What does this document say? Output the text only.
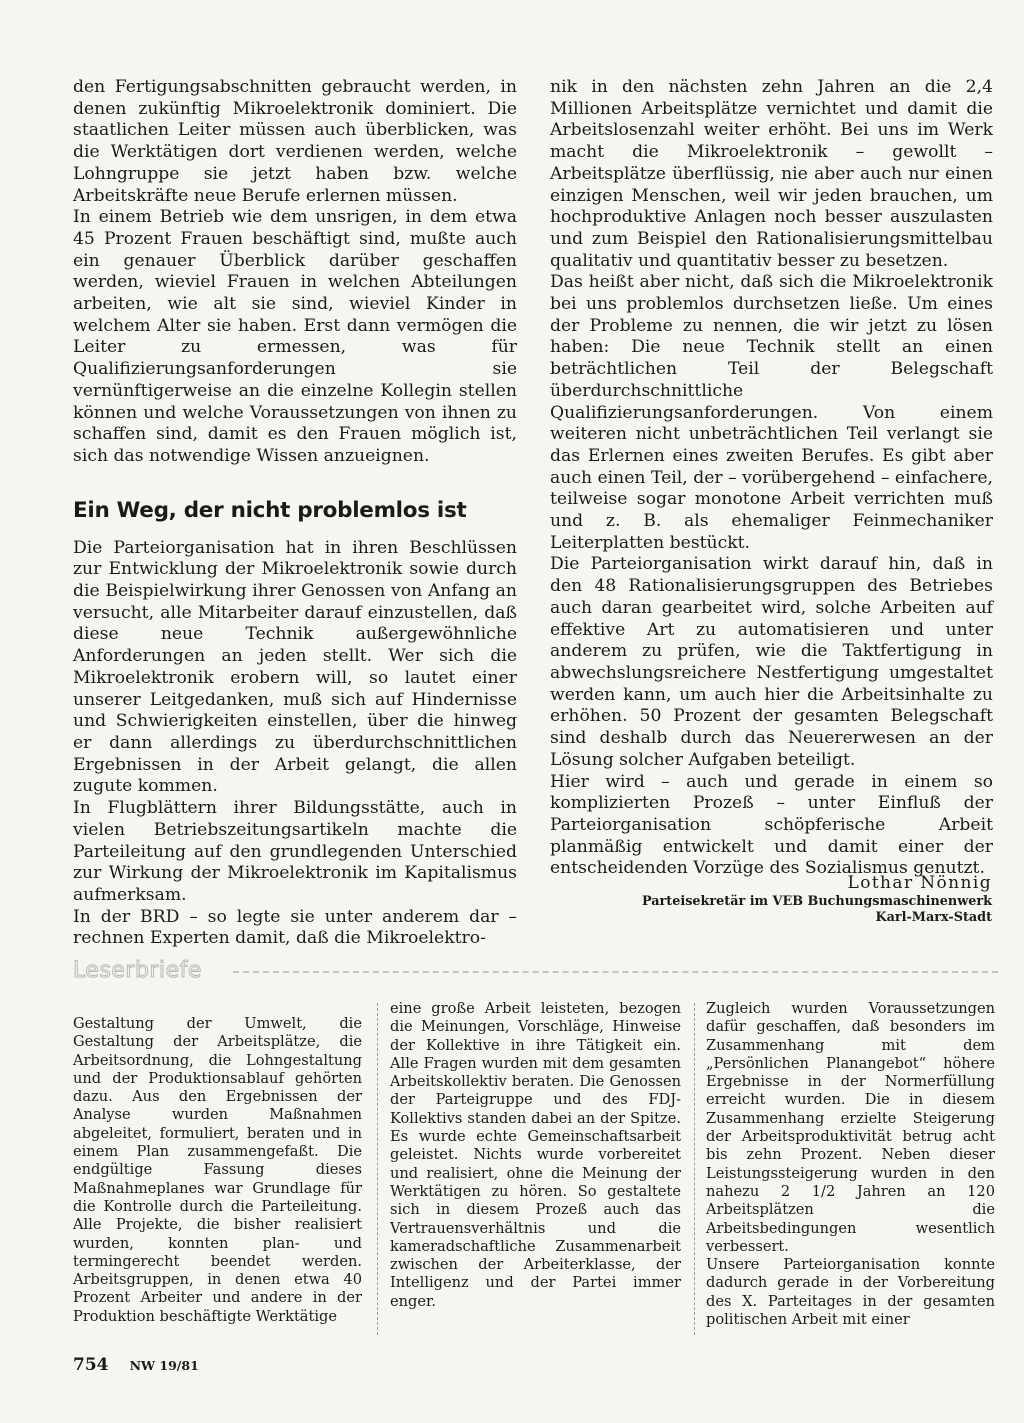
den Fertigungsabschnitten gebraucht werden, in denen zukünftig Mikroelektronik dominiert. Die staatlichen Leiter müssen auch überblicken, was die Werktätigen dort verdienen werden, welche Lohngruppe sie jetzt haben bzw. welche Arbeitskräfte neue Berufe erlernen müssen.

In einem Betrieb wie dem unsrigen, in dem etwa 45 Prozent Frauen beschäftigt sind, mußte auch ein genauer Überblick darüber geschaffen werden, wieviel Frauen in welchen Abteilungen arbeiten, wie alt sie sind, wieviel Kinder in welchem Alter sie haben. Erst dann vermögen die Leiter zu ermessen, was für Qualifizierungsanforderungen sie vernünftigerweise an die einzelne Kollegin stellen können und welche Voraussetzungen von ihnen zu schaffen sind, damit es den Frauen möglich ist, sich das notwendige Wissen anzueignen.

Ein Weg, der nicht problemlos ist

Die Parteiorganisation hat in ihren Beschlüssen zur Entwicklung der Mikroelektronik sowie durch die Beispielwirkung ihrer Genossen von Anfang an versucht, alle Mitarbeiter darauf einzustellen, daß diese neue Technik außergewöhnliche Anforderungen an jeden stellt. Wer sich die Mikroelektronik erobern will, so lautet einer unserer Leitgedanken, muß sich auf Hindernisse und Schwierigkeiten einstellen, über die hinweg er dann allerdings zu überdurchschnittlichen Ergebnissen in der Arbeit gelangt, die allen zugute kommen.

In Flugblättern ihrer Bildungsstätte, auch in vielen Betriebszeitungsartikeln machte die Parteileitung auf den grundlegenden Unterschied zur Wirkung der Mikroelektronik im Kapitalismus aufmerksam.

In der BRD – so legte sie unter anderem dar – rechnen Experten damit, daß die Mikroelektro-

nik in den nächsten zehn Jahren an die 2,4 Millionen Arbeitsplätze vernichtet und damit die Arbeitslosenzahl weiter erhöht. Bei uns im Werk macht die Mikroelektronik – gewollt – Arbeitsplätze überflüssig, nie aber auch nur einen einzigen Menschen, weil wir jeden brauchen, um hochproduktive Anlagen noch besser auszulasten und zum Beispiel den Rationalisierungsmittelbau qualitativ und quantitativ besser zu besetzen.

Das heißt aber nicht, daß sich die Mikroelektronik bei uns problemlos durchsetzen ließe. Um eines der Probleme zu nennen, die wir jetzt zu lösen haben: Die neue Technik stellt an einen beträchtlichen Teil der Belegschaft überdurchschnittliche Qualifizierungsanforderungen. Von einem weiteren nicht unbeträchtlichen Teil verlangt sie das Erlernen eines zweiten Berufes. Es gibt aber auch einen Teil, der – vorübergehend – einfachere, teilweise sogar monotone Arbeit verrichten muß und z. B. als ehemaliger Feinmechaniker Leiterplatten bestückt.

Die Parteiorganisation wirkt darauf hin, daß in den 48 Rationalisierungsgruppen des Betriebes auch daran gearbeitet wird, solche Arbeiten auf effektive Art zu automatisieren und unter anderem zu prüfen, wie die Taktfertigung in abwechslungsreichere Nestfertigung umgestaltet werden kann, um auch hier die Arbeitsinhalte zu erhöhen. 50 Prozent der gesamten Belegschaft sind deshalb durch das Neuererwesen an der Lösung solcher Aufgaben beteiligt.

Hier wird – auch und gerade in einem so komplizierten Prozeß – unter Einfluß der Parteiorganisation schöpferische Arbeit planmäßig entwickelt und damit einer der entscheidenden Vorzüge des Sozialismus genutzt.

Lothar Nönnig
Parteisekretär im VEB Buchungsmaschinenwerk
Karl-Marx-Stadt
Leserbriefe

Gestaltung der Umwelt, die Gestaltung der Arbeitsplätze, die Arbeitsordnung, die Lohngestaltung und der Produktionsablauf gehörten dazu. Aus den Ergebnissen der Analyse wurden Maßnahmen abgeleitet, formuliert, beraten und in einem Plan zusammengefaßt. Die endgültige Fassung dieses Maßnahmeplanes war Grundlage für die Kontrolle durch die Parteileitung. Alle Projekte, die bisher realisiert wurden, konnten plan- und termingerecht beendet werden. Arbeitsgruppen, in denen etwa 40 Prozent Arbeiter und andere in der Produktion beschäftigte Werktätige

eine große Arbeit leisteten, bezogen die Meinungen, Vorschläge, Hinweise der Kollektive in ihre Tätigkeit ein. Alle Fragen wurden mit dem gesamten Arbeitskollektiv beraten. Die Genossen der Parteigruppe und des FDJ-Kollektivs standen dabei an der Spitze. Es wurde echte Gemeinschaftsarbeit geleistet. Nichts wurde vorbereitet und realisiert, ohne die Meinung der Werktätigen zu hören. So gestaltete sich in diesem Prozeß auch das Vertrauensverhältnis und die kameradschaftliche Zusammenarbeit zwischen der Arbeiterklasse, der Intelligenz und der Partei immer enger.

Zugleich wurden Voraussetzungen dafür geschaffen, daß besonders im Zusammenhang mit dem „Persönlichen Planangebot“ höhere Ergebnisse in der Normerfüllung erreicht wurden. Die in diesem Zusammenhang erzielte Steigerung der Arbeitsproduktivität betrug acht bis zehn Prozent. Neben dieser Leistungssteigerung wurden in den nahezu 2 1/2 Jahren an 120 Arbeitsplätzen die Arbeitsbedingungen wesentlich verbessert.

Unsere Parteiorganisation konnte dadurch gerade in der Vorbereitung des X. Parteitages in der gesamten politischen Arbeit mit einer

754 NW 19/81
